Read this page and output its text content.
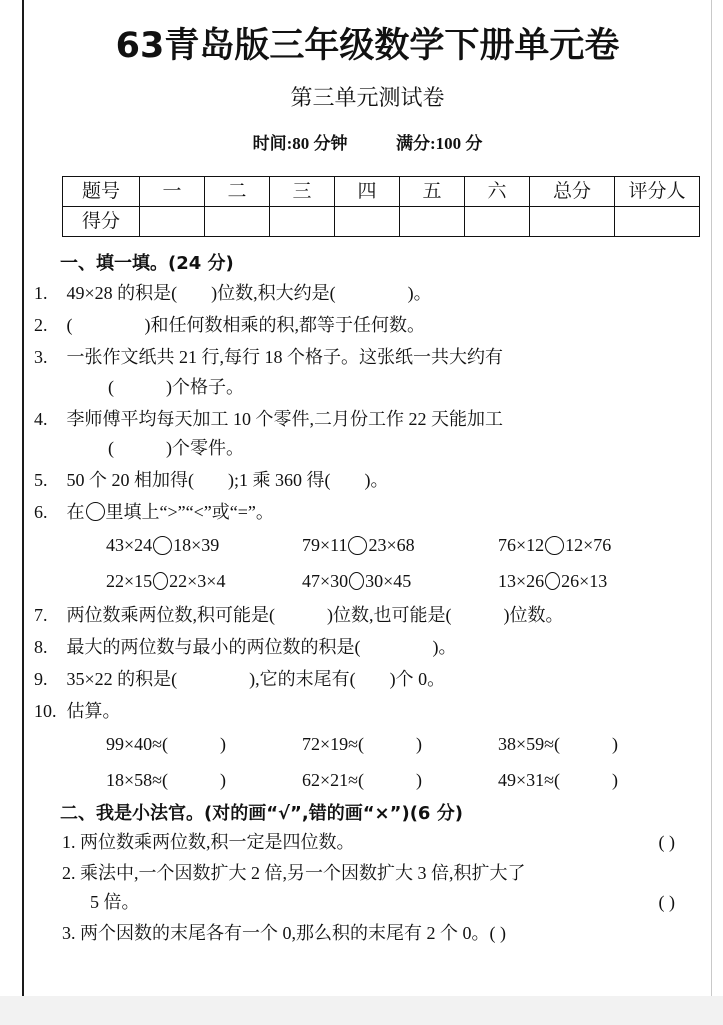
63青岛版三年级数学下册单元卷
第三单元测试卷
时间:80 分钟	满分:100 分
题号	一	二	三	四	五	六	总分	评分人
得分								
一、填一填。(24 分)
1. 49×28 的积是( )位数,积大约是(	)。
2. (	)和任何数相乘的积,都等于任何数。
3. 一张作文纸共 21 行,每行 18 个格子。这张纸一共大约有
(	)个格子。
4. 李师傅平均每天加工 10 个零件,二月份工作 22 天能加工
(	)个零件。
5. 50 个 20 相加得( );1 乘 360 得( )。
6. 在 里填上“>”“<”或“=”。
43×24 18×39	79×11 23×68	76×12 12×76
22×15 22×3×4	47×30 30×45	13×26 26×13
7. 两位数乘两位数,积可能是(	)位数,也可能是(	)位数。
8. 最大的两位数与最小的两位数的积是(	)。
9. 35×22 的积是(	),它的末尾有( )个 0。
10. 估算。
99×40≈(	)	72×19≈(	)	38×59≈(	)
18×58≈(	)	62×21≈(	)	49×31≈(	)
二、我是小法官。(对的画“√”,错的画“×”)(6 分)
( )
1. 两位数乘两位数,积一定是四位数。
2. 乘法中,一个因数扩大 2 倍,另一个因数扩大 3 倍,积扩大了
( )
5 倍。
3. 两个因数的末尾各有一个 0,那么积的末尾有 2 个 0。( )
